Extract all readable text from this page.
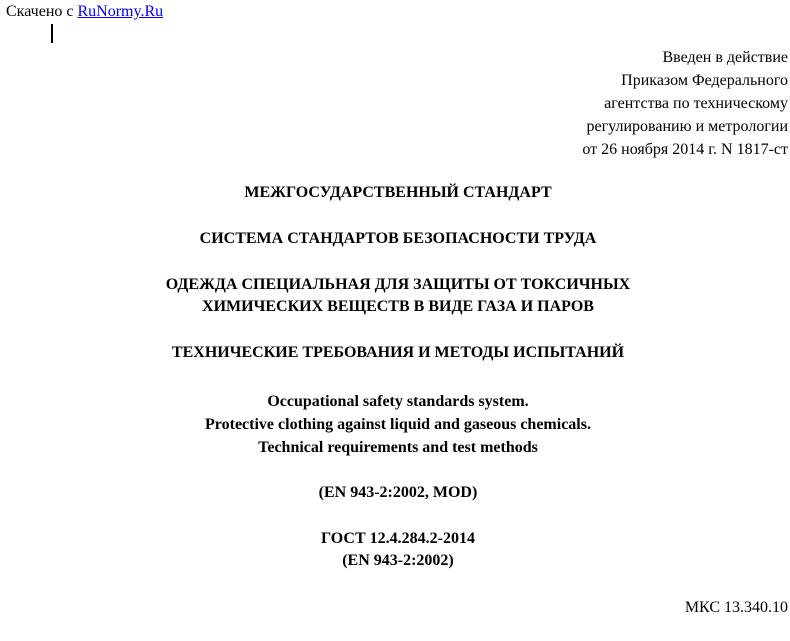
Скачено с RuNormy.Ru
Введен в действие
Приказом Федерального
агентства по техническому
регулированию и метрологии
от 26 ноября 2014 г. N 1817-ст
МЕЖГОСУДАРСТВЕННЫЙ СТАНДАРТ
СИСТЕМА СТАНДАРТОВ БЕЗОПАСНОСТИ ТРУДА
ОДЕЖДА СПЕЦИАЛЬНАЯ ДЛЯ ЗАЩИТЫ ОТ ТОКСИЧНЫХ
ХИМИЧЕСКИХ ВЕЩЕСТВ В ВИДЕ ГАЗА И ПАРОВ
ТЕХНИЧЕСКИЕ ТРЕБОВАНИЯ И МЕТОДЫ ИСПЫТАНИЙ
Occupational safety standards system.
Protective clothing against liquid and gaseous chemicals.
Technical requirements and test methods
(EN 943-2:2002, MOD)
ГОСТ 12.4.284.2-2014
(EN 943-2:2002)
МКС 13.340.10
